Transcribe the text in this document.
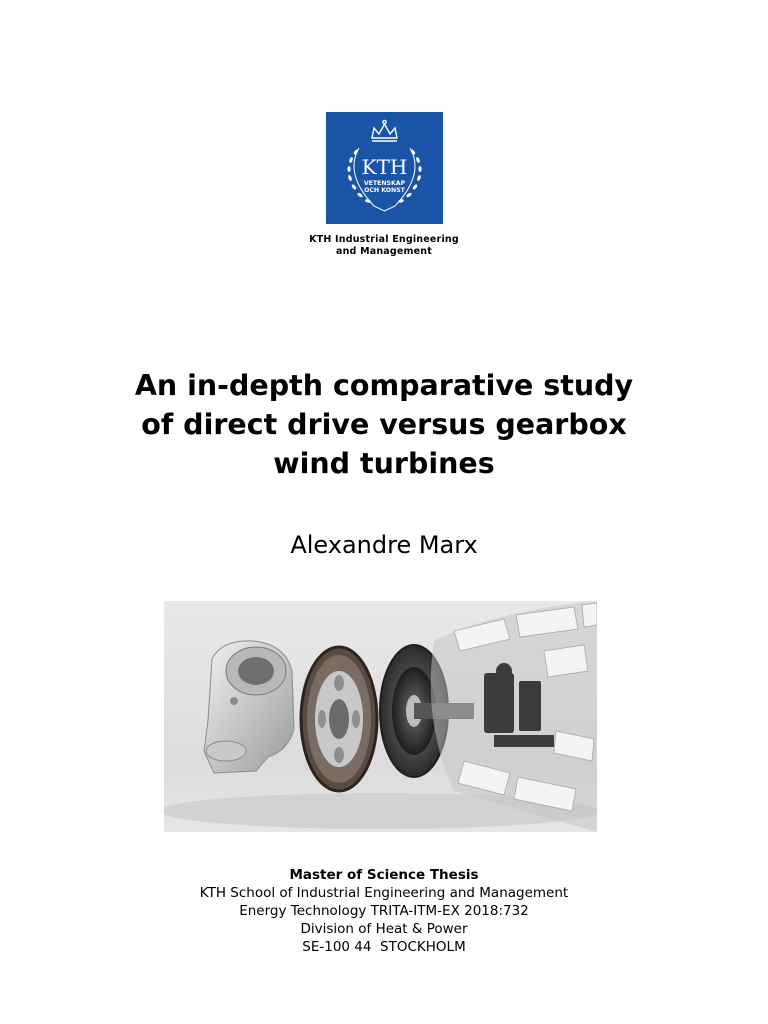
KTH
VETENSKAP
OCH KONST
KTH Industrial Engineering
and Management
An in-depth comparative study
of direct drive versus gearbox
wind turbines
Alexandre Marx
Master of Science Thesis
KTH School of Industrial Engineering and Management
Energy Technology TRITA-ITM-EX 2018:732
Division of Heat & Power
SE-100 44  STOCKHOLM
